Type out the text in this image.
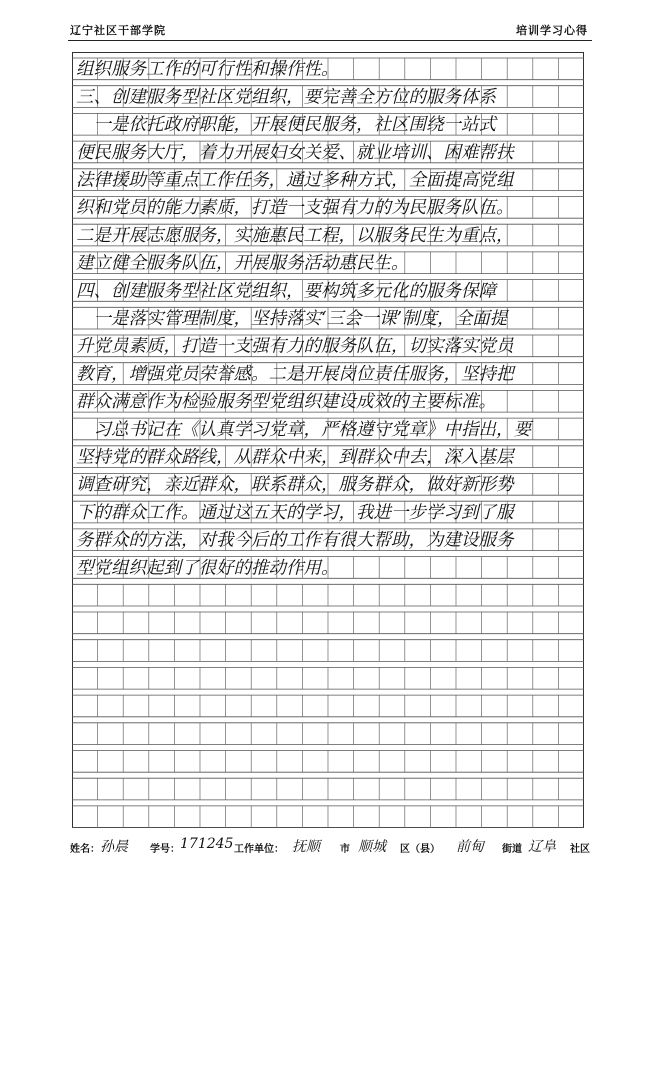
辽宁社区干部学院	培训学习心得
组织服务工作的可行性和操作性。
三、创建服务型社区党组织，要完善全方位的服务体系
　一是依托政府职能，开展便民服务，社区围绕一站式
便民服务大厅，着力开展妇女关爱、就业培训、困难帮扶
法律援助等重点工作任务，通过多种方式，全面提高党组
织和党员的能力素质，打造一支强有力的为民服务队伍。
二是开展志愿服务，实施惠民工程，以服务民生为重点，
建立健全服务队伍，开展服务活动惠民生。
四、创建服务型社区党组织，要构筑多元化的服务保障
　一是落实管理制度，坚持落实‘三会一课’制度，全面提
升党员素质，打造一支强有力的服务队伍，切实落实党员
教育，增强党员荣誉感。二是开展岗位责任服务，坚持把
群众满意作为检验服务型党组织建设成效的主要标准。
　习总书记在《认真学习党章，严格遵守党章》中指出，要
坚持党的群众路线，从群众中来，到群众中去，深入基层
调查研究，亲近群众，联系群众，服务群众，做好新形势
下的群众工作。通过这五天的学习，我进一步学习到了服
务群众的方法，对我今后的工作有很大帮助，为建设服务
型党组织起到了很好的推动作用。
姓名： 孙晨 学号： 171245 工作单位： 抚顺 市 顺城 区（县） 前甸 街道 辽阜 社区
